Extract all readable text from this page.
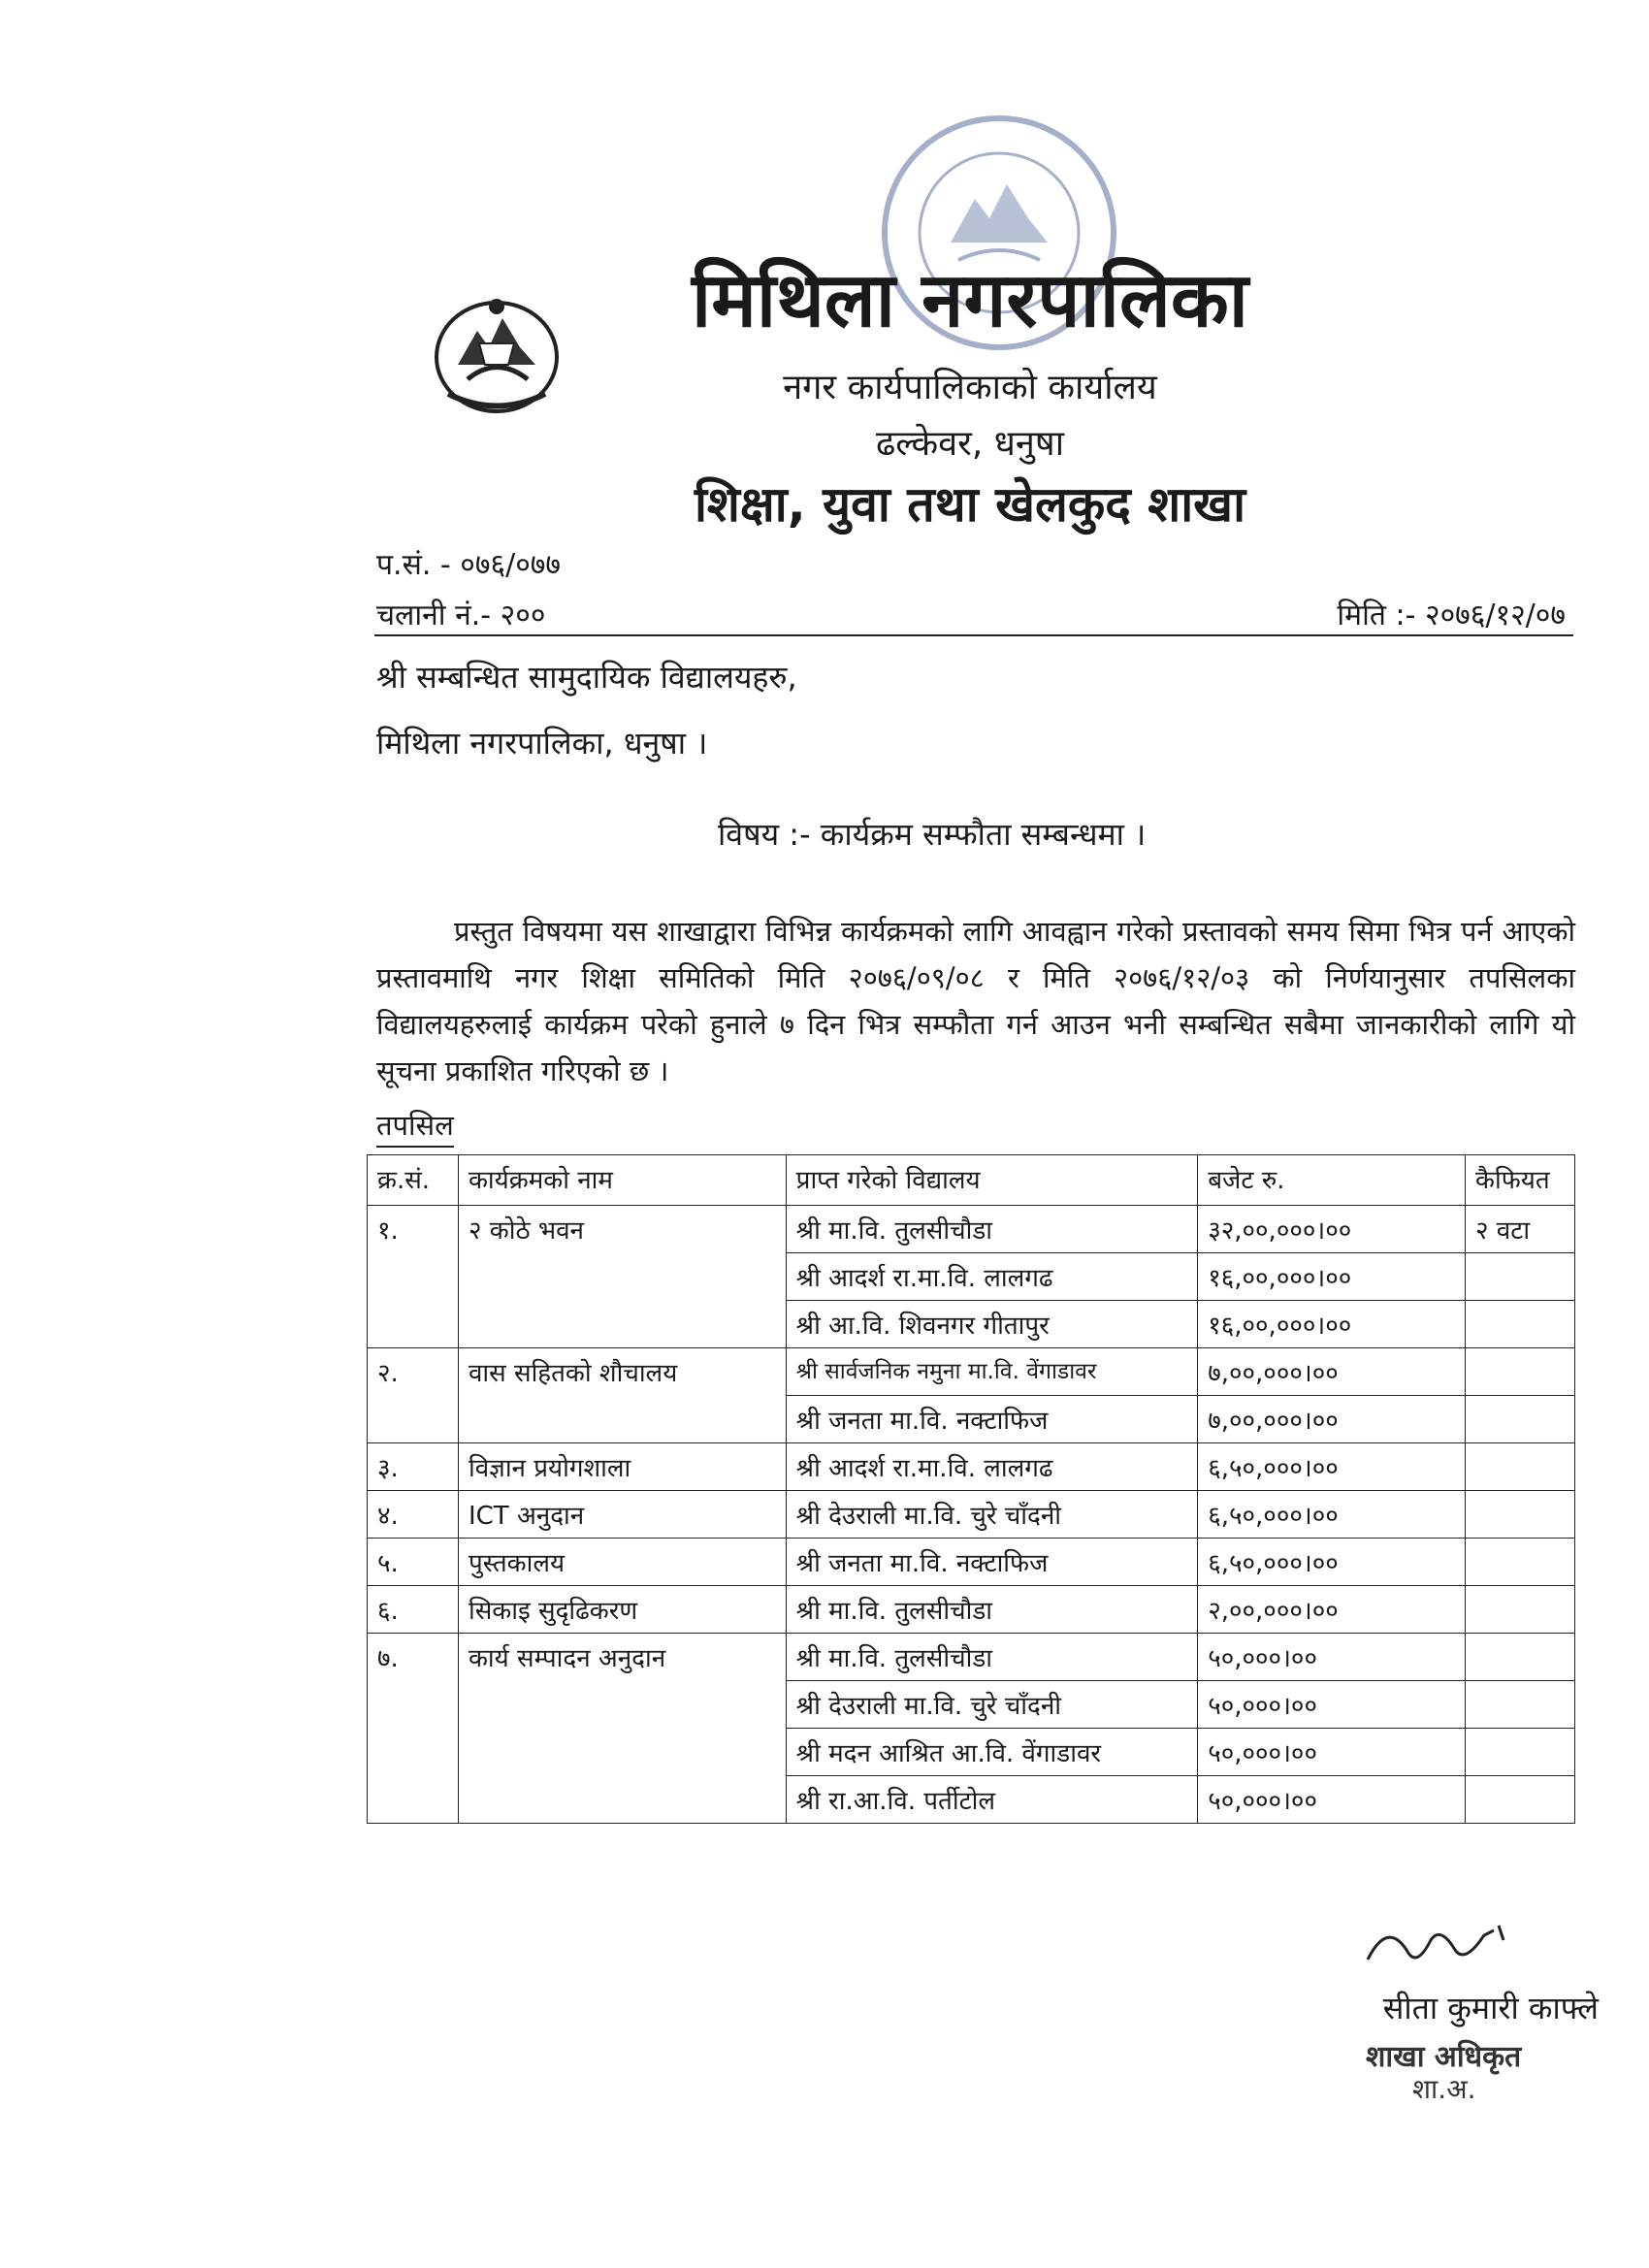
मिथिला नगरपालिका
नगर कार्यपालिकाको कार्यालय
ढल्केवर, धनुषा
शिक्षा, युवा तथा खेलकुद शाखा
प.सं. - ०७६/०७७
चलानी नं.- २००	मिति :- २०७६/१२/०७
श्री सम्बन्धित सामुदायिक विद्यालयहरु,
मिथिला नगरपालिका, धनुषा ।
विषय :- कार्यक्रम सम्फौता सम्बन्धमा ।
प्रस्तुत विषयमा यस शाखाद्वारा विभिन्न कार्यक्रमको लागि आवह्वान गरेको प्रस्तावको समय सिमा भित्र पर्न आएको प्रस्तावमाथि नगर शिक्षा समितिको मिति २०७६/०९/०८ र मिति २०७६/१२/०३ को निर्णयानुसार तपसिलका विद्यालयहरुलाई कार्यक्रम परेको हुनाले ७ दिन भित्र सम्फौता गर्न आउन भनी सम्बन्धित सबैमा जानकारीको लागि यो सूचना प्रकाशित गरिएको छ ।
तपसिल
क्र.सं.	कार्यक्रमको नाम	प्राप्त गरेको विद्यालय	बजेट रु.	कैफियत
१.	२ कोठे भवन	श्री मा.वि. तुलसीचौडा	३२,००,०००।००	२ वटा
		श्री आदर्श रा.मा.वि. लालगढ	१६,००,०००।००	
		श्री आ.वि. शिवनगर गीतापुर	१६,००,०००।००	
२.	वास सहितको शौचालय	श्री सार्वजनिक नमुना मा.वि. वेंगाडावर	७,००,०००।००	
		श्री जनता मा.वि. नक्टाफिज	७,००,०००।००	
३.	विज्ञान प्रयोगशाला	श्री आदर्श रा.मा.वि. लालगढ	६,५०,०००।००	
४.	ICT अनुदान	श्री देउराली मा.वि. चुरे चाँदनी	६,५०,०००।००	
५.	पुस्तकालय	श्री जनता मा.वि. नक्टाफिज	६,५०,०००।००	
६.	सिकाइ सुदृढिकरण	श्री मा.वि. तुलसीचौडा	२,००,०००।००	
७.	कार्य सम्पादन अनुदान	श्री मा.वि. तुलसीचौडा	५०,०००।००	
		श्री देउराली मा.वि. चुरे चाँदनी	५०,०००।००	
		श्री मदन आश्रित आ.वि. वेंगाडावर	५०,०००।००	
		श्री रा.आ.वि. पर्तीटोल	५०,०००।००	
सीता कुमारी काफ्ले
शाखा अधिकृत
शा.अ.
